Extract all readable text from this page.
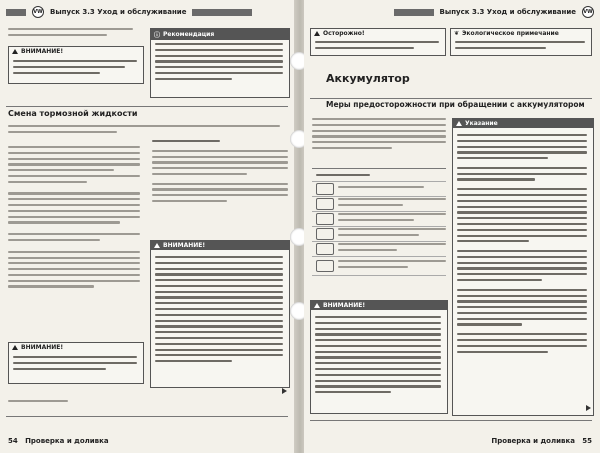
VW Выпуск 3.3 Уход и обслуживание
ВНИМАНИЕ!
Смена тормозной жидкости
ВНИМАНИЕ!
ⓘ Рекомендация
ВНИМАНИЕ!
54 Проверка и доливка
Выпуск 3.3 Уход и обслуживание VW
Осторожно!	❦ Экологическое примечание
Аккумулятор
Меры предосторожности при обращении с аккумулятором
ВНИМАНИЕ!
Указание
Проверка и доливка 55
